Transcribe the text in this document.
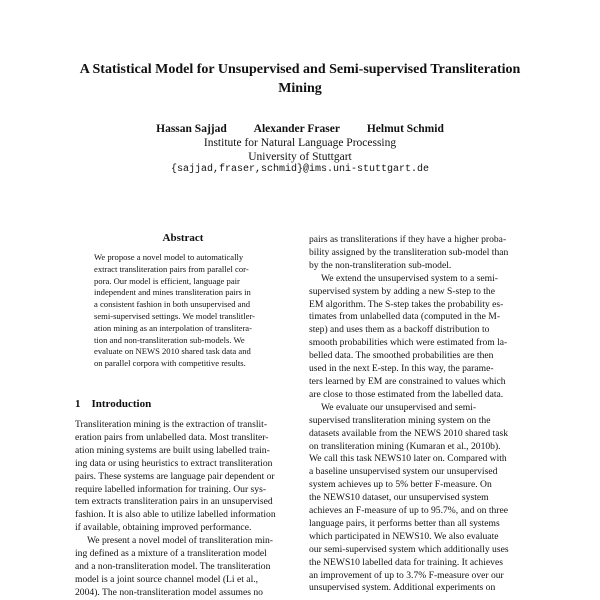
A Statistical Model for Unsupervised and Semi-supervised Transliteration
Mining
Hassan Sajjad Alexander Fraser Helmut Schmid
Institute for Natural Language Processing
University of Stuttgart
{sajjad,fraser,schmid}@ims.uni-stuttgart.de
Abstract
We propose a novel model to automatically
extract transliteration pairs from parallel cor-
pora. Our model is efficient, language pair
independent and mines transliteration pairs in
a consistent fashion in both unsupervised and
semi-supervised settings. We model translitler-
ation mining as an interpolation of translitera-
tion and non-transliteration sub-models. We
evaluate on NEWS 2010 shared task data and
on parallel corpora with competitive results.
1 Introduction

Transliteration mining is the extraction of translit-
eration pairs from unlabelled data. Most transliter-
ation mining systems are built using labelled train-
ing data or using heuristics to extract transliteration
pairs. These systems are language pair dependent or
require labelled information for training. Our sys-
tem extracts transliteration pairs in an unsupervised
fashion. It is also able to utilize labelled information
if available, obtaining improved performance.

We present a novel model of transliteration min-
ing defined as a mixture of a transliteration model
and a non-transliteration model. The transliteration
model is a joint source channel model (Li et al.,
2004). The non-transliteration model assumes no

pairs as transliterations if they have a higher proba-
bility assigned by the transliteration sub-model than
by the non-transliteration sub-model.

We extend the unsupervised system to a semi-
supervised system by adding a new S-step to the
EM algorithm. The S-step takes the probability es-
timates from unlabelled data (computed in the M-
step) and uses them as a backoff distribution to
smooth probabilities which were estimated from la-
belled data. The smoothed probabilities are then
used in the next E-step. In this way, the parame-
ters learned by EM are constrained to values which
are close to those estimated from the labelled data.

We evaluate our unsupervised and semi-
supervised transliteration mining system on the
datasets available from the NEWS 2010 shared task
on transliteration mining (Kumaran et al., 2010b).
We call this task NEWS10 later on. Compared with
a baseline unsupervised system our unsupervised
system achieves up to 5% better F-measure. On
the NEWS10 dataset, our unsupervised system
achieves an F-measure of up to 95.7%, and on three
language pairs, it performs better than all systems
which participated in NEWS10. We also evaluate
our semi-supervised system which additionally uses
the NEWS10 labelled data for training. It achieves
an improvement of up to 3.7% F-measure over our
unsupervised system. Additional experiments on
